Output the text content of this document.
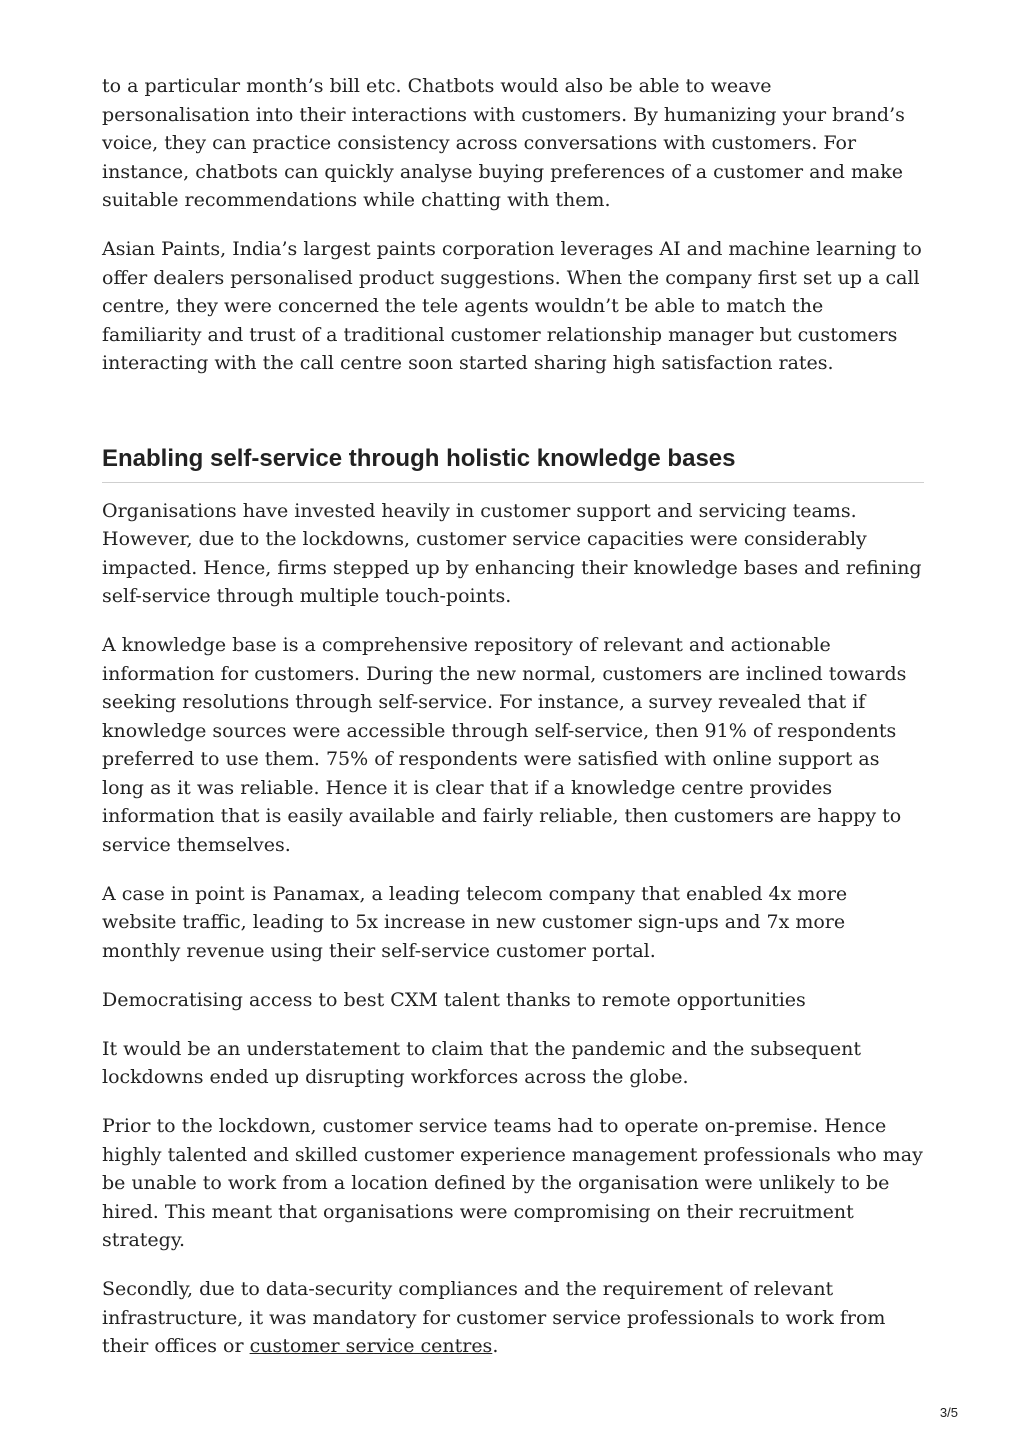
to a particular month’s bill etc. Chatbots would also be able to weave personalisation into their interactions with customers. By humanizing your brand’s voice, they can practice consistency across conversations with customers. For instance, chatbots can quickly analyse buying preferences of a customer and make suitable recommendations while chatting with them.

Asian Paints, India’s largest paints corporation leverages AI and machine learning to offer dealers personalised product suggestions. When the company first set up a call centre, they were concerned the tele agents wouldn’t be able to match the familiarity and trust of a traditional customer relationship manager but customers interacting with the call centre soon started sharing high satisfaction rates.

Enabling self-service through holistic knowledge bases

Organisations have invested heavily in customer support and servicing teams. However, due to the lockdowns, customer service capacities were considerably impacted. Hence, firms stepped up by enhancing their knowledge bases and refining self-service through multiple touch-points.

A knowledge base is a comprehensive repository of relevant and actionable information for customers. During the new normal, customers are inclined towards seeking resolutions through self-service. For instance, a survey revealed that if knowledge sources were accessible through self-service, then 91% of respondents preferred to use them. 75% of respondents were satisfied with online support as long as it was reliable. Hence it is clear that if a knowledge centre provides information that is easily available and fairly reliable, then customers are happy to service themselves.

A case in point is Panamax, a leading telecom company that enabled 4x more website traffic, leading to 5x increase in new customer sign-ups and 7x more monthly revenue using their self-service customer portal.

Democratising access to best CXM talent thanks to remote opportunities

It would be an understatement to claim that the pandemic and the subsequent lockdowns ended up disrupting workforces across the globe.

Prior to the lockdown, customer service teams had to operate on-premise. Hence highly talented and skilled customer experience management professionals who may be unable to work from a location defined by the organisation were unlikely to be hired. This meant that organisations were compromising on their recruitment strategy.

Secondly, due to data-security compliances and the requirement of relevant infrastructure, it was mandatory for customer service professionals to work from their offices or customer service centres.

3/5
